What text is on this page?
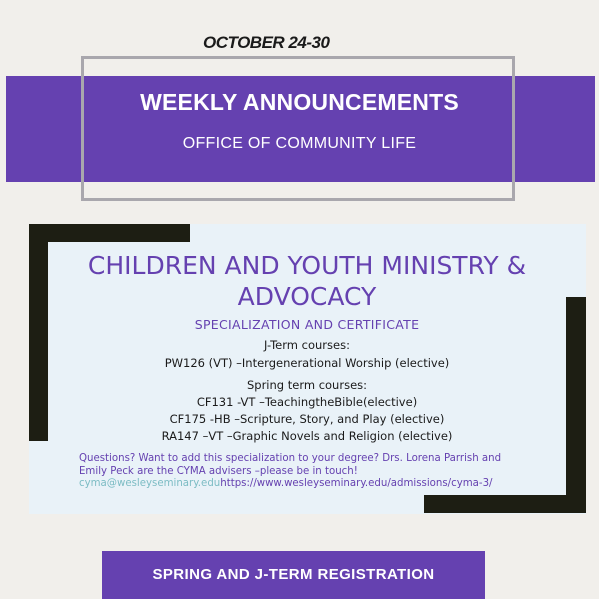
OCTOBER 24-30
WEEKLY ANNOUNCEMENTS
OFFICE OF COMMUNITY LIFE
CHILDREN AND YOUTH MINISTRY &
ADVOCACY
SPECIALIZATION AND CERTIFICATE
J-Term courses:
PW126 (VT) –Intergenerational Worship (elective)
Spring term courses:
CF131 -VT –TeachingtheBible(elective)
CF175 -HB –Scripture, Story, and Play (elective)
RA147 –VT –Graphic Novels and Religion (elective)
Questions? Want to add this specialization to your degree? Drs. Lorena Parrish and Emily Peck are the CYMA advisers –please be in touch!
cyma@wesleyseminary.eduhttps://www.wesleyseminary.edu/admissions/cyma-3/
SPRING AND J-TERM REGISTRATION
